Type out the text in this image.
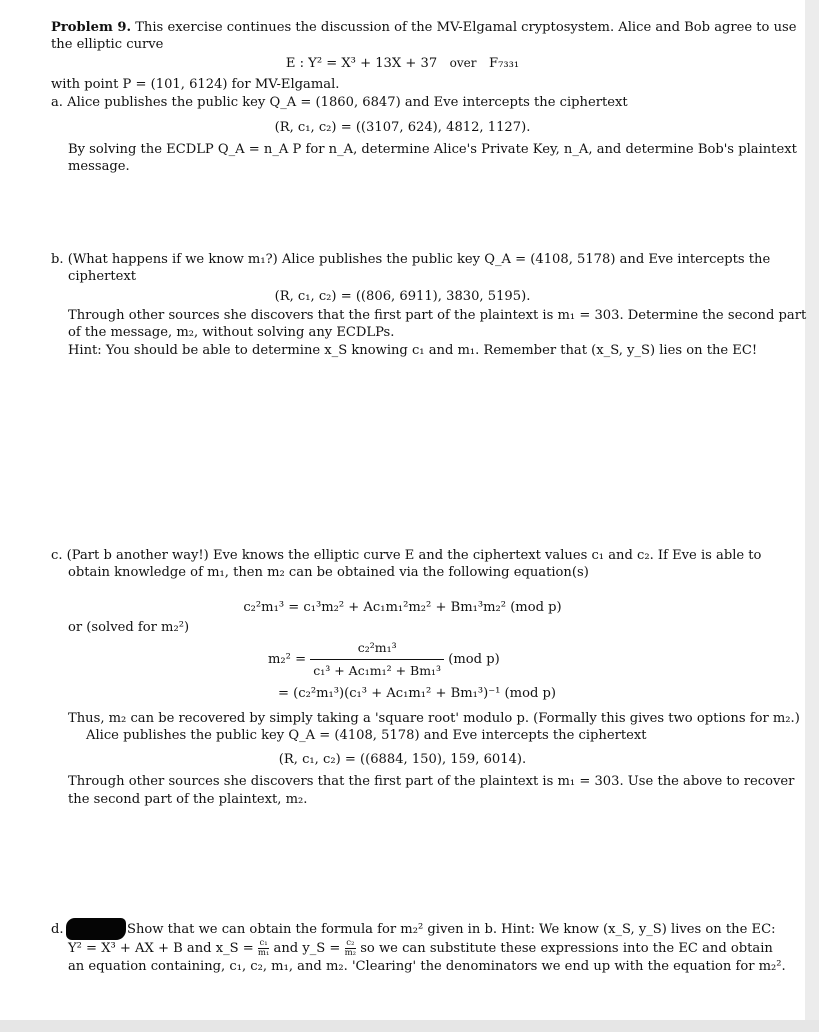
Problem 9. This exercise continues the discussion of the MV-Elgamal cryptosystem. Alice and Bob agree to use
the elliptic curve
E : Y² = X³ + 13X + 37 over F₇₃₃₁
with point P = (101, 6124) for MV-Elgamal.
a. Alice publishes the public key Q_A = (1860, 6847) and Eve intercepts the ciphertext
(R, c₁, c₂) = ((3107, 624), 4812, 1127).
By solving the ECDLP Q_A = n_A P for n_A, determine Alice's Private Key, n_A, and determine Bob's plaintext
message.
b. (What happens if we know m₁?) Alice publishes the public key Q_A = (4108, 5178) and Eve intercepts the
ciphertext
(R, c₁, c₂) = ((806, 6911), 3830, 5195).
Through other sources she discovers that the first part of the plaintext is m₁ = 303. Determine the second part
of the message, m₂, without solving any ECDLPs.
Hint: You should be able to determine x_S knowing c₁ and m₁. Remember that (x_S, y_S) lies on the EC!
c. (Part b another way!) Eve knows the elliptic curve E and the ciphertext values c₁ and c₂. If Eve is able to
obtain knowledge of m₁, then m₂ can be obtained via the following equation(s)
c₂²m₁³ = c₁³m₂² + Ac₁m₁²m₂² + Bm₁³m₂² (mod p)
or (solved for m₂²)
$m_2^2 = \frac{\text{c₂²m₁³}}{\text{c₁³ + Ac₁m₁² + Bm₁³}} (mod$ p)
= (c₂²m₁³)(c₁³ + Ac₁m₁² + Bm₁³)⁻¹ (mod p)
Thus, m₂ can be recovered by simply taking a 'square root' modulo p. (Formally this gives two options for m₂.)
Alice publishes the public key Q_A = (4108, 5178) and Eve intercepts the ciphertext
(R, c₁, c₂) = ((6884, 150), 159, 6014).
Through other sources she discovers that the first part of the plaintext is m₁ = 303. Use the above to recover
the second part of the plaintext, m₂.
d.	Show that we can obtain the formula for m₂² given in b. Hint: We know (x_S, y_S) lives on the EC:
Y² = X³ + AX + B and x_S = $\frac{\text{c₁}}{\text{m₁}}$ and y_S = $\frac{\text{c₂}}{\text{m₂}}$ so we can substitute these expressions into the EC and obtain
an equation containing, c₁, c₂, m₁, and m₂. 'Clearing' the denominators we end up with the equation for m₂².
